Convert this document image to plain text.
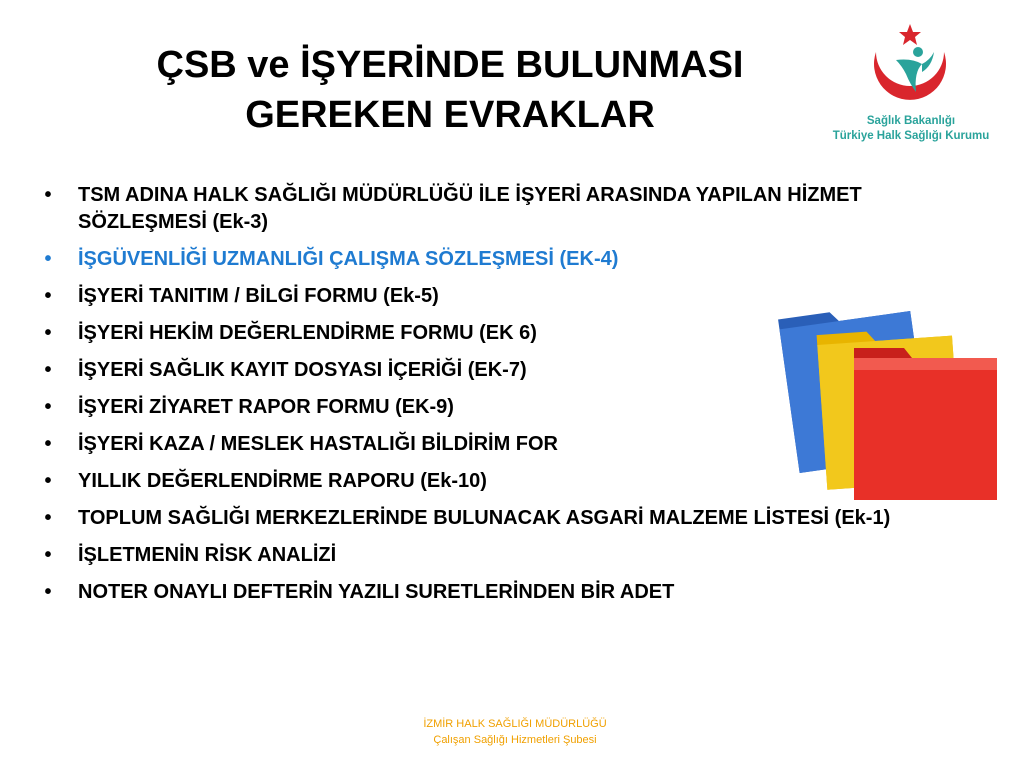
ÇSB ve İŞYERİNDE BULUNMASI
GEREKEN EVRAKLAR	Sağlık Bakanlığı
Türkiye Halk Sağlığı Kurumu
•	TSM ADINA HALK SAĞLIĞI MÜDÜRLÜĞÜ İLE İŞYERİ ARASINDA YAPILAN HİZMET SÖZLEŞMESİ (Ek-3)
•	İŞGÜVENLİĞİ UZMANLIĞI ÇALIŞMA SÖZLEŞMESİ (EK-4)
•	İŞYERİ TANITIM / BİLGİ FORMU (Ek-5)
•	İŞYERİ HEKİM DEĞERLENDİRME FORMU (EK 6)
•	İŞYERİ SAĞLIK KAYIT DOSYASI İÇERİĞİ (EK-7)
•	İŞYERİ ZİYARET RAPOR FORMU (EK-9)
•	İŞYERİ KAZA / MESLEK HASTALIĞI BİLDİRİM FOR
•	YILLIK DEĞERLENDİRME RAPORU (Ek-10)
•	TOPLUM SAĞLIĞI MERKEZLERİNDE BULUNACAK ASGARİ MALZEME LİSTESİ (Ek-1)
•	İŞLETMENİN RİSK ANALİZİ
•	NOTER ONAYLI DEFTERİN YAZILI SURETLERİNDEN BİR ADET
İZMİR HALK SAĞLIĞI MÜDÜRLÜĞÜ
Çalışan Sağlığı Hizmetleri Şubesi
